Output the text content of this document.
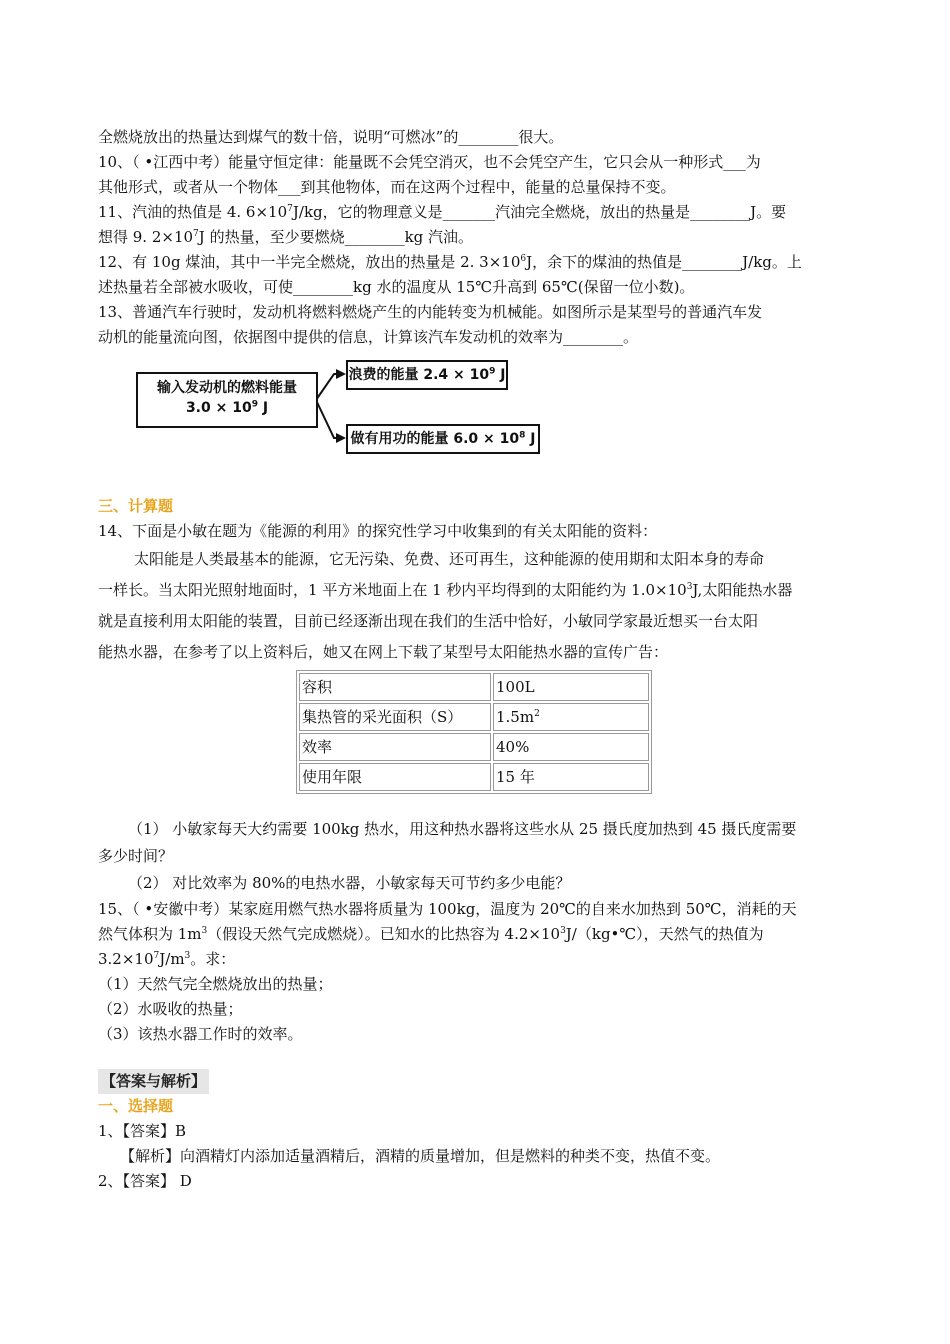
全燃烧放出的热量达到煤气的数十倍，说明“可燃冰”的________很大。

10、（ •江西中考）能量守恒定律：能量既不会凭空消灭，也不会凭空产生，它只会从一种形式___为

其他形式，或者从一个物体___到其他物体，而在这两个过程中，能量的总量保持不变。

11、汽油的热值是 4. $6\times 10^7J/kg$，它的物理意义是_______汽油完全燃烧，放出的热量是________J。要

想得 9. $2\times 10^7J$ 的热量，至少要燃烧________kg 汽油。

12、有 10g 煤油，其中一半完全燃烧，放出的热量是 2. $3\times 10^6J$，余下的煤油的热值是________J/kg。上

述热量若全部被水吸收，可使________kg 水的温度从 15℃升高到 65℃(保留一位小数)。

13、普通汽车行驶时，发动机将燃料燃烧产生的内能转变为机械能。如图所示是某型号的普通汽车发

动机的能量流向图，依据图中提供的信息，计算该汽车发动机的效率为________。

输入发动机的燃料能量
$3.0 \times 10^9$ J
浪费的能量 $2.4 \times 10^9$ J
做有用功的能量 $6.0 \times 10^8$ J

三、计算题

14、下面是小敏在题为《能源的利用》的探究性学习中收集到的有关太阳能的资料：

太阳能是人类最基本的能源，它无污染、免费、还可再生，这种能源的使用期和太阳本身的寿命

一样长。当太阳光照射地面时，1 平方米地面上在 1 秒内平均得到的太阳能约为 $1.0\times 10^3J$,太阳能热水器

就是直接利用太阳能的装置，目前已经逐渐出现在我们的生活中恰好，小敏同学家最近想买一台太阳

能热水器，在参考了以上资料后，她又在网上下载了某型号太阳能热水器的宣传广告：

容积	100L
集热管的采光面积（S）	$1.5m^2$
效率	40%
使用年限	15 年

（1） 小敏家每天大约需要 100kg 热水，用这种热水器将这些水从 25 摄氏度加热到 45 摄氏度需要

多少时间？

（2） 对比效率为 80%的电热水器，小敏家每天可节约多少电能？

15、（ •安徽中考）某家庭用燃气热水器将质量为 100kg，温度为 20℃的自来水加热到 50℃，消耗的天

然气体积为 $1m^3$（假设天然气完成燃烧）。已知水的比热容为 $4.2\times 10^3J/(kg•℃)$，天然气的热值为

$3.2\times 10^7J/m^3$。求：

（1）天然气完全燃烧放出的热量；

（2）水吸收的热量；

（3）该热水器工作时的效率。

【答案与解析】

一、选择题

1、【答案】B

【解析】向酒精灯内添加适量酒精后，酒精的质量增加，但是燃料的种类不变，热值不变。

2、【答案】 D
